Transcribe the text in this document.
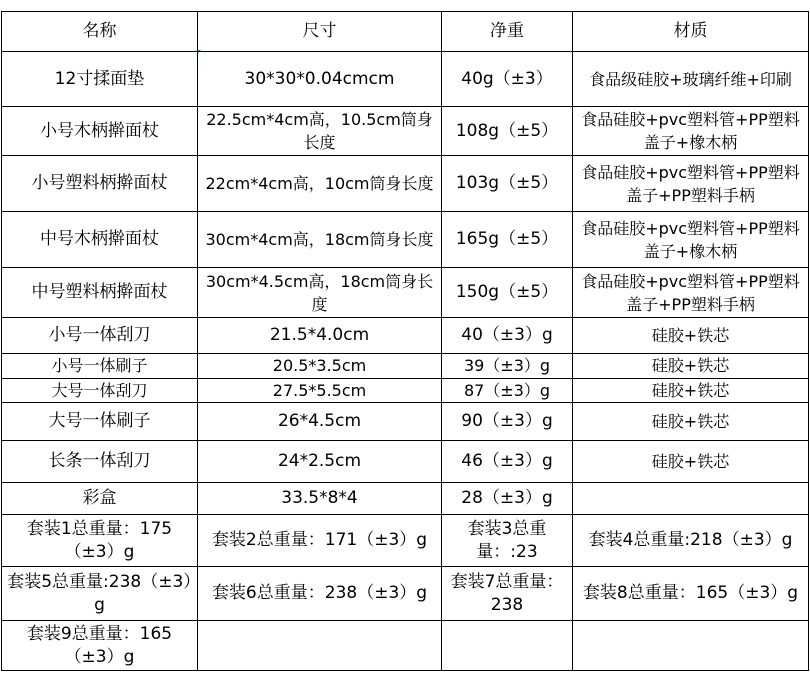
名称	尺寸	净重	材质
12寸揉面垫	30*30*0.04cmcm	40g（±3）	食品级硅胶+玻璃纤维+印刷
小号木柄擀面杖	22.5cm*4cm高，10.5cm筒身长度	108g（±5）	食品硅胶+pvc塑料管+PP塑料盖子+橡木柄
小号塑料柄擀面杖	22cm*4cm高，10cm筒身长度	103g（±5）	食品硅胶+pvc塑料管+PP塑料盖子+PP塑料手柄
中号木柄擀面杖	30cm*4cm高，18cm筒身长度	165g（±5）	食品硅胶+pvc塑料管+PP塑料盖子+橡木柄
中号塑料柄擀面杖	30cm*4.5cm高，18cm筒身长度	150g（±5）	食品硅胶+pvc塑料管+PP塑料盖子+PP塑料手柄
小号一体刮刀	21.5*4.0cm	40（±3）g	硅胶+铁芯
小号一体刷子	20.5*3.5cm	39（±3）g	硅胶+铁芯
大号一体刮刀	27.5*5.5cm	87（±3）g	硅胶+铁芯
大号一体刷子	26*4.5cm	90（±3）g	硅胶+铁芯
长条一体刮刀	24*2.5cm	46（±3）g	硅胶+铁芯
彩盒	33.5*8*4	28（±3）g	
套装1总重量：175（±3）g	套装2总重量：171（±3）g	套装3总重量：:23	套装4总重量:218（±3）g
套装5总重量:238（±3）g	套装6总重量：238（±3）g	套装7总重量：238	套装8总重量：165（±3）g
套装9总重量：165（±3）g			
